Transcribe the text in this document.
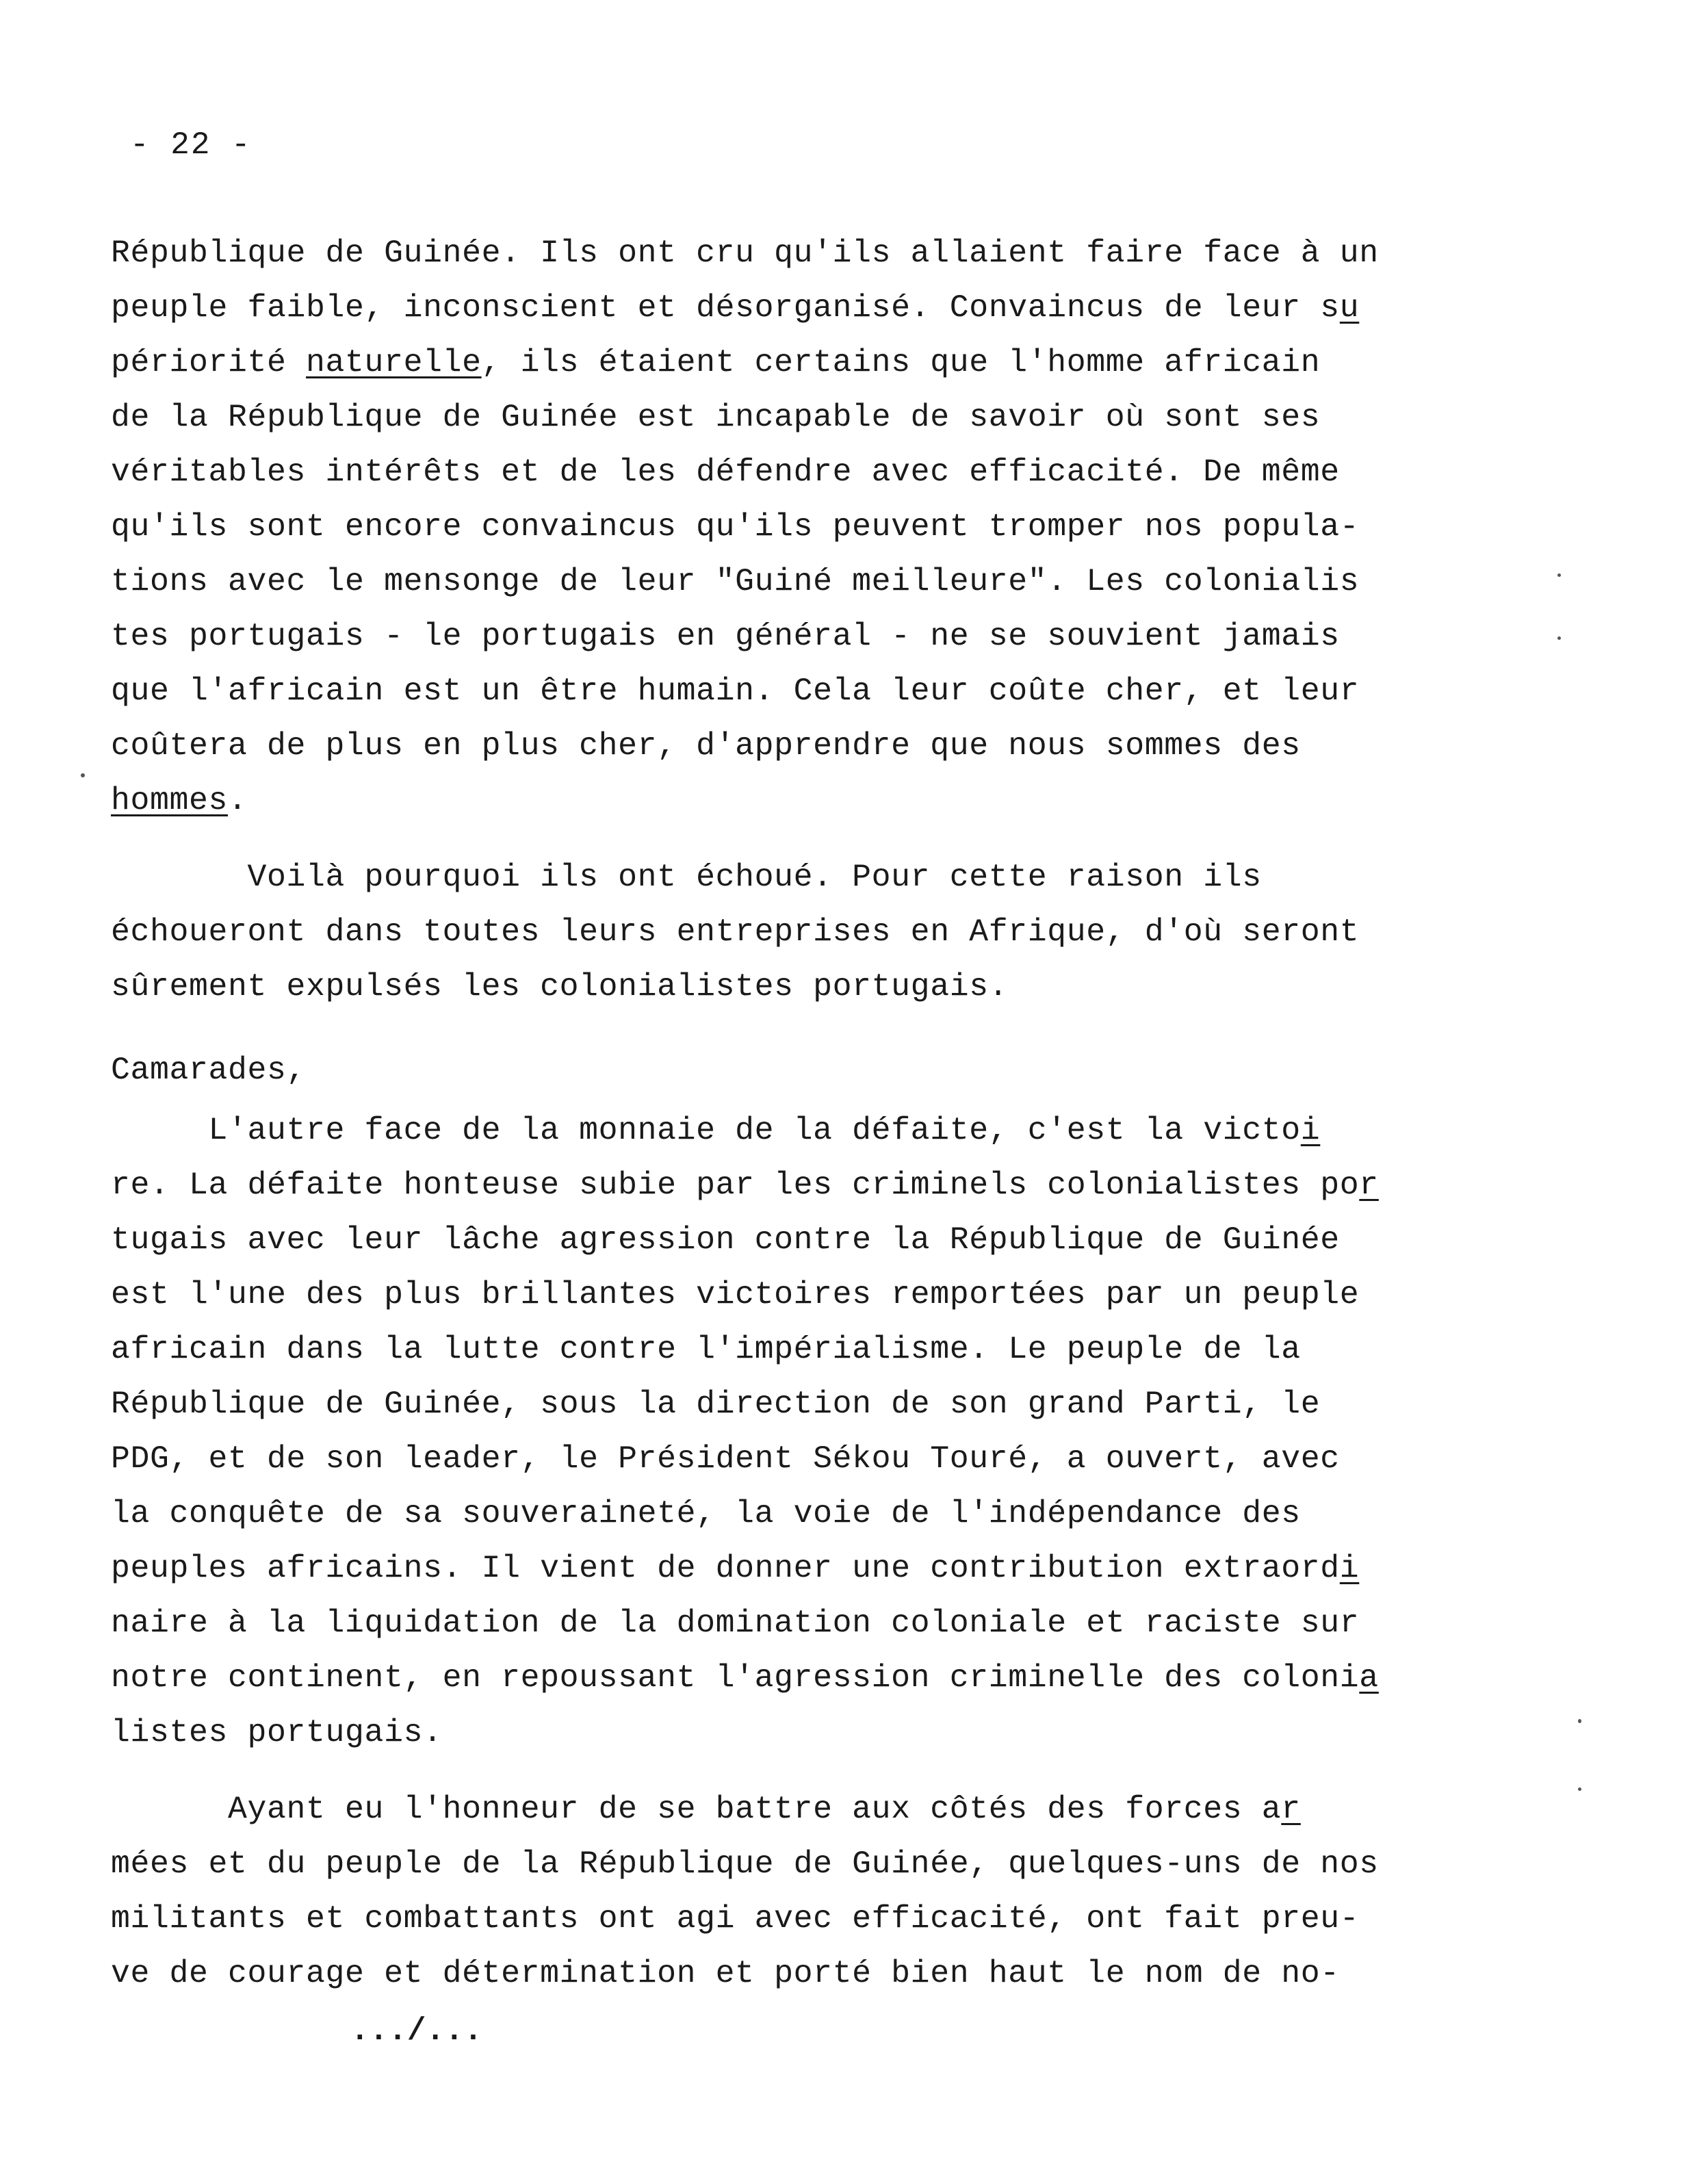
- 22 -
République de Guinée. Ils ont cru qu'ils allaient faire face à un
peuple faible, inconscient et désorganisé. Convaincus de leur su
périorité naturelle, ils étaient certains que l'homme africain
de la République de Guinée est incapable de savoir où sont ses
véritables intérêts et de les défendre avec efficacité. De même
qu'ils sont encore convaincus qu'ils peuvent tromper nos popula-
tions avec le mensonge de leur "Guiné meilleure". Les colonialis
tes portugais - le portugais en général - ne se souvient jamais
que l'africain est un être humain. Cela leur coûte cher, et leur
coûtera de plus en plus cher, d'apprendre que nous sommes des
hommes.
Voilà pourquoi ils ont échoué. Pour cette raison ils
échoueront dans toutes leurs entreprises en Afrique, d'où seront
sûrement expulsés les colonialistes portugais.
Camarades,
L'autre face de la monnaie de la défaite, c'est la victoi
re. La défaite honteuse subie par les criminels colonialistes por
tugais avec leur lâche agression contre la République de Guinée
est l'une des plus brillantes victoires remportées par un peuple
africain dans la lutte contre l'impérialisme. Le peuple de la
République de Guinée, sous la direction de son grand Parti, le
PDG, et de son leader, le Président Sékou Touré, a ouvert, avec
la conquête de sa souveraineté, la voie de l'indépendance des
peuples africains. Il vient de donner une contribution extraordi
naire à la liquidation de la domination coloniale et raciste sur
notre continent, en repoussant l'agression criminelle des colonia
listes portugais.
Ayant eu l'honneur de se battre aux côtés des forces ar
mées et du peuple de la République de Guinée, quelques-uns de nos
militants et combattants ont agi avec efficacité, ont fait preu-
ve de courage et détermination et porté bien haut le nom de no-
.../...
